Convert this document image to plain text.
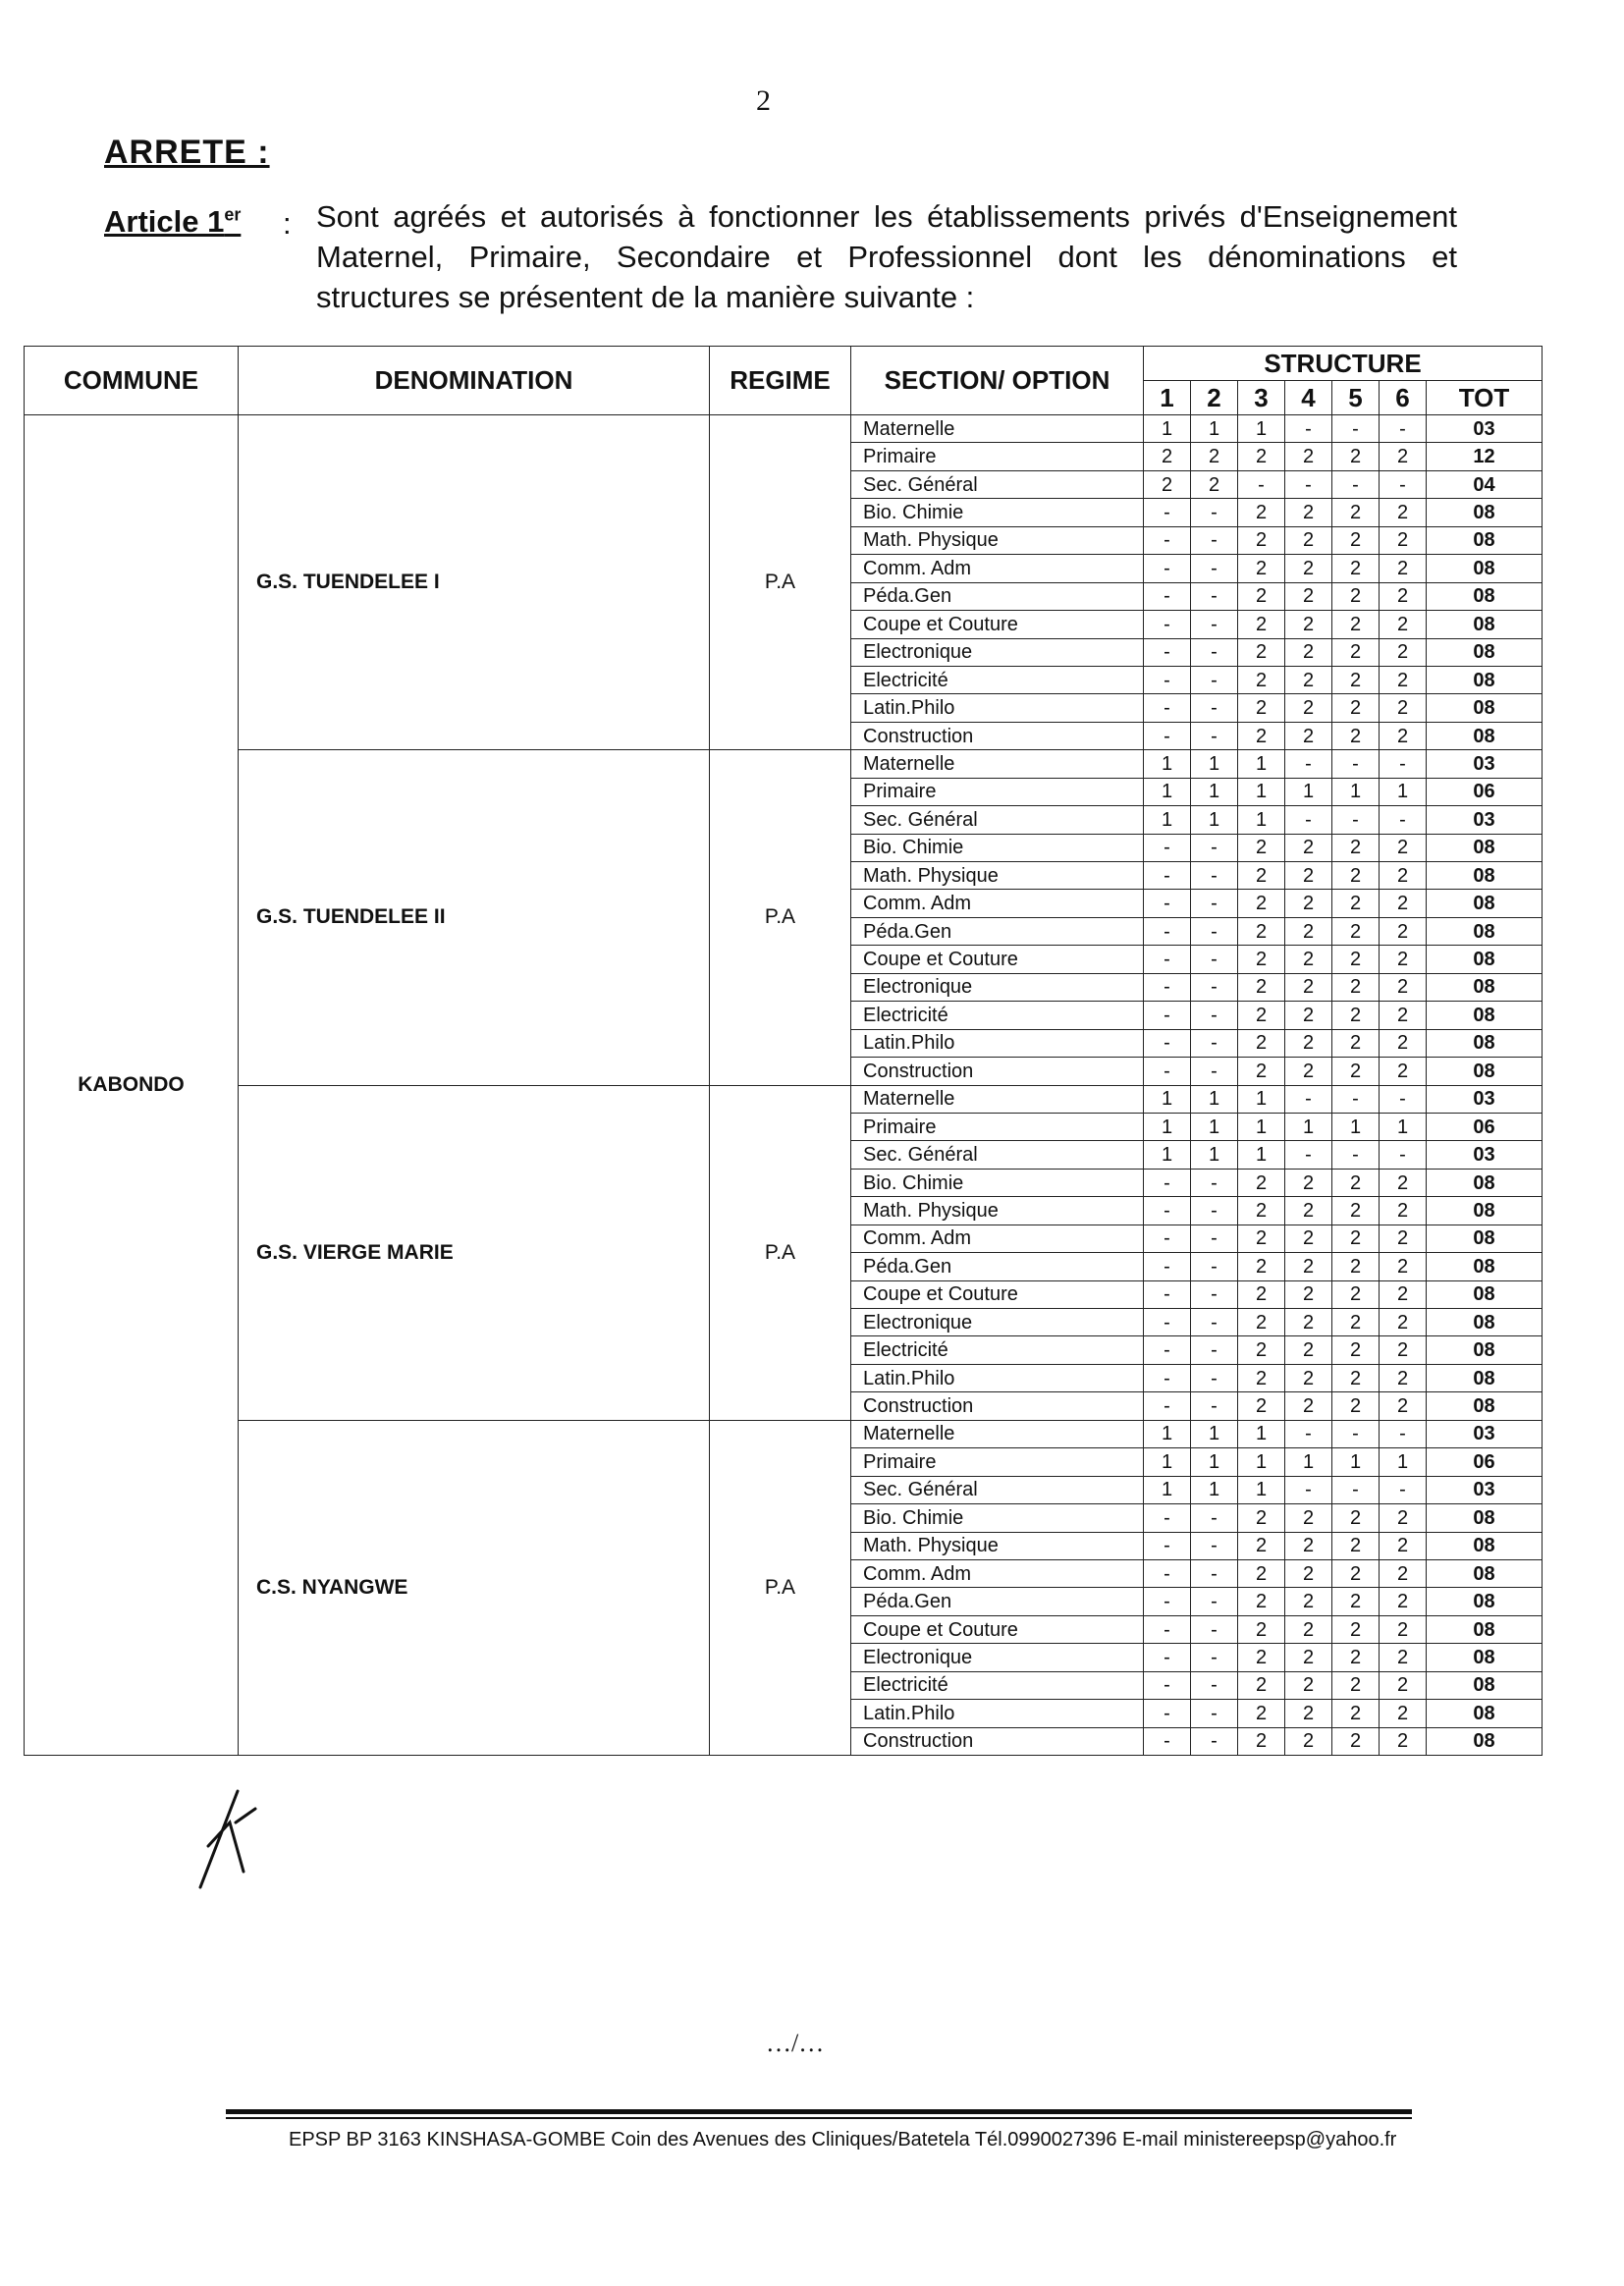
2
ARRETE :
Article 1er : Sont agréés et autorisés à fonctionner les établissements privés d'Enseignement Maternel, Primaire, Secondaire et Professionnel dont les dénominations et structures se présentent de la manière suivante :
COMMUNE	DENOMINATION	REGIME	SECTION/ OPTION	STRUCTURE						
				1	2	3	4	5	6	TOT
KABONDO	G.S. TUENDELEE I	P.A	Maternelle	1	1	1	-	-	-	03
			Primaire	2	2	2	2	2	2	12
			Sec. Général	2	2	-	-	-	-	04
			Bio. Chimie	-	-	2	2	2	2	08
			Math. Physique	-	-	2	2	2	2	08
			Comm. Adm	-	-	2	2	2	2	08
			Péda.Gen	-	-	2	2	2	2	08
			Coupe et Couture	-	-	2	2	2	2	08
			Electronique	-	-	2	2	2	2	08
			Electricité	-	-	2	2	2	2	08
			Latin.Philo	-	-	2	2	2	2	08
			Construction	-	-	2	2	2	2	08
	G.S. TUENDELEE II	P.A	Maternelle	1	1	1	-	-	-	03
			Primaire	1	1	1	1	1	1	06
			Sec. Général	1	1	1	-	-	-	03
			Bio. Chimie	-	-	2	2	2	2	08
			Math. Physique	-	-	2	2	2	2	08
			Comm. Adm	-	-	2	2	2	2	08
			Péda.Gen	-	-	2	2	2	2	08
			Coupe et Couture	-	-	2	2	2	2	08
			Electronique	-	-	2	2	2	2	08
			Electricité	-	-	2	2	2	2	08
			Latin.Philo	-	-	2	2	2	2	08
			Construction	-	-	2	2	2	2	08
	G.S. VIERGE MARIE	P.A	Maternelle	1	1	1	-	-	-	03
			Primaire	1	1	1	1	1	1	06
			Sec. Général	1	1	1	-	-	-	03
			Bio. Chimie	-	-	2	2	2	2	08
			Math. Physique	-	-	2	2	2	2	08
			Comm. Adm	-	-	2	2	2	2	08
			Péda.Gen	-	-	2	2	2	2	08
			Coupe et Couture	-	-	2	2	2	2	08
			Electronique	-	-	2	2	2	2	08
			Electricité	-	-	2	2	2	2	08
			Latin.Philo	-	-	2	2	2	2	08
			Construction	-	-	2	2	2	2	08
	C.S. NYANGWE	P.A	Maternelle	1	1	1	-	-	-	03
			Primaire	1	1	1	1	1	1	06
			Sec. Général	1	1	1	-	-	-	03
			Bio. Chimie	-	-	2	2	2	2	08
			Math. Physique	-	-	2	2	2	2	08
			Comm. Adm	-	-	2	2	2	2	08
			Péda.Gen	-	-	2	2	2	2	08
			Coupe et Couture	-	-	2	2	2	2	08
			Electronique	-	-	2	2	2	2	08
			Electricité	-	-	2	2	2	2	08
			Latin.Philo	-	-	2	2	2	2	08
			Construction	-	-	2	2	2	2	08
…/…
EPSP BP 3163 KINSHASA-GOMBE Coin des Avenues des Cliniques/Batetela Tél.0990027396 E-mail ministereepsp@yahoo.fr
